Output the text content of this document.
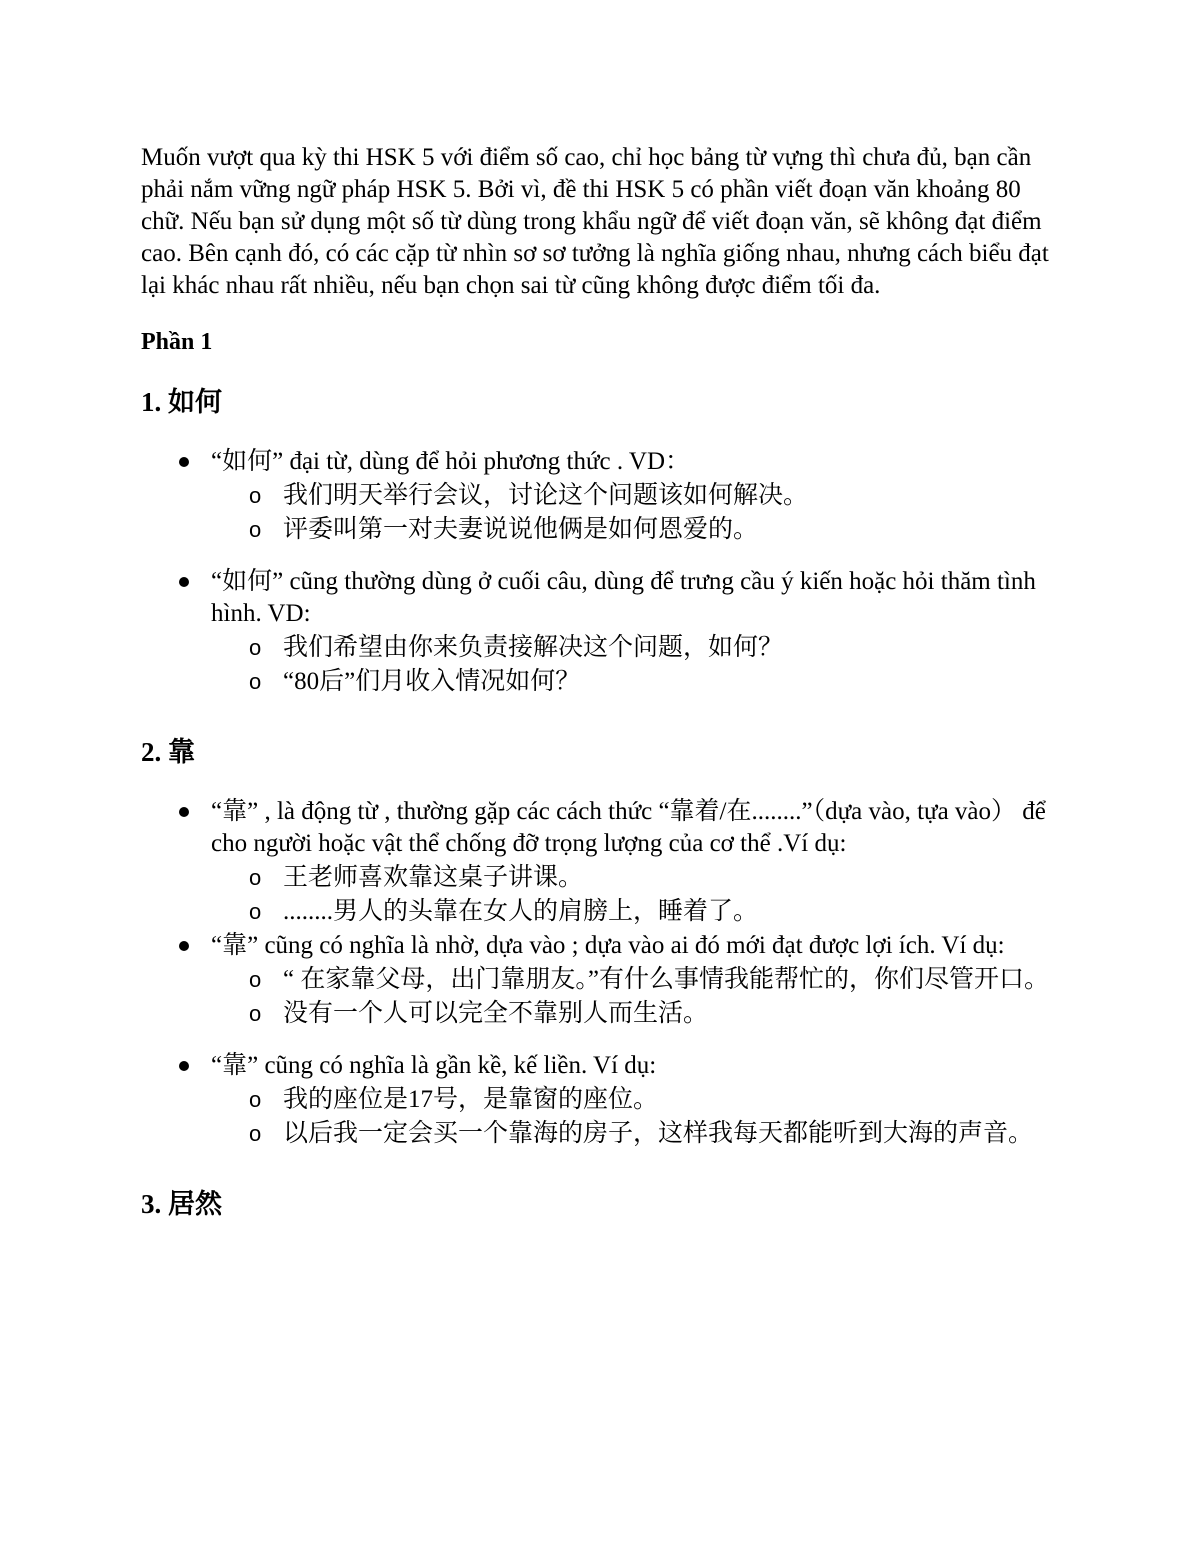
Muốn vượt qua kỳ thi HSK 5 với điểm số cao, chỉ học bảng từ vựng thì chưa đủ, bạn cần phải nắm vững ngữ pháp HSK 5. Bởi vì, đề thi HSK 5 có phần viết đoạn văn khoảng 80 chữ. Nếu bạn sử dụng một số từ dùng trong khẩu ngữ để viết đoạn văn, sẽ không đạt điểm cao. Bên cạnh đó, có các cặp từ nhìn sơ sơ tưởng là nghĩa giống nhau, nhưng cách biểu đạt lại khác nhau rất nhiều, nếu bạn chọn sai từ cũng không được điểm tối đa.

Phần 1
1. 如何
“如何” đại từ, dùng để hỏi phương thức . VD：
o 我们明天举行会议，讨论这个问题该如何解决。
o 评委叫第一对夫妻说说他俩是如何恩爱的。
“如何” cũng thường dùng ở cuối câu, dùng để trưng cầu ý kiến hoặc hỏi thăm tình hình. VD:
o 我们希望由你来负责接解决这个问题，如何？
o “80后”们月收入情况如何？
2. 靠
“靠” , là động từ , thường gặp các cách thức “靠着/在........”（dựa vào, tựa vào） để cho người hoặc vật thể chống đỡ trọng lượng của cơ thể .Ví dụ:
o 王老师喜欢靠这桌子讲课。
o ........男人的头靠在女人的肩膀上，睡着了。
“靠” cũng có nghĩa là nhờ, dựa vào ; dựa vào ai đó mới đạt được lợi ích. Ví dụ:
o “ 在家靠父母，出门靠朋友。”有什么事情我能帮忙的，你们尽管开口。
o 没有一个人可以完全不靠别人而生活。
“靠” cũng có nghĩa là gần kề, kế liền. Ví dụ:
o 我的座位是17号，是靠窗的座位。
o 以后我一定会买一个靠海的房子，这样我每天都能听到大海的声音。
3. 居然
